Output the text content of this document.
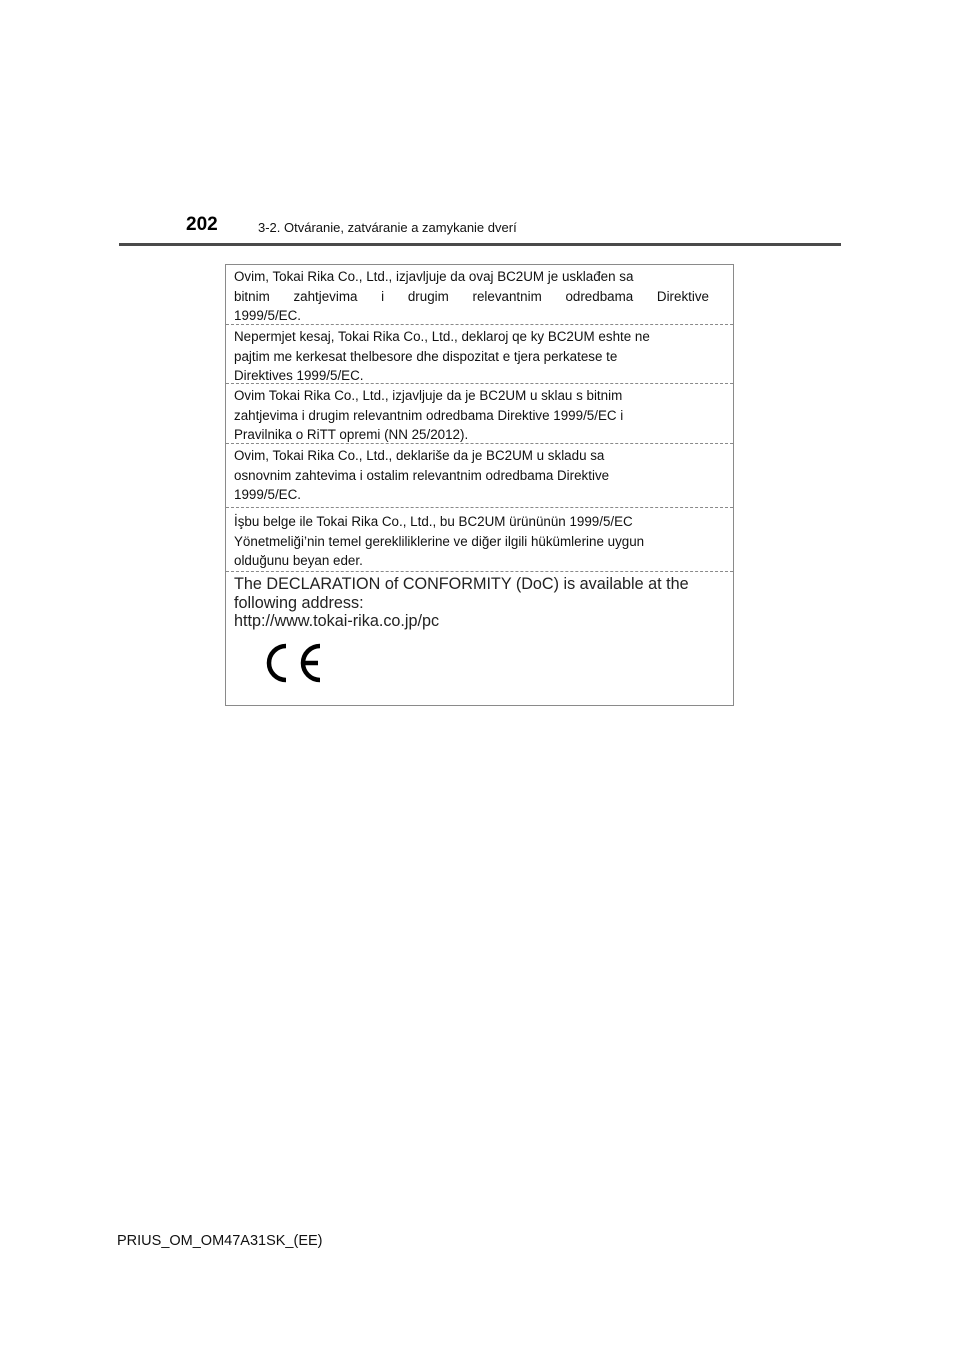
202	3-2. Otváranie, zatváranie a zamykanie dverí

Ovim, Tokai Rika Co., Ltd., izjavljuje da ovaj BC2UM je usklađen sa

bitnim zahtjevima i drugim relevantnim odredbama Direktive

1999/5/EC.

Nepermjet kesaj, Tokai Rika Co., Ltd., deklaroj qe ky BC2UM eshte ne

pajtim me kerkesat thelbesore dhe dispozitat e tjera perkatese te

Direktives 1999/5/EC.

Ovim Tokai Rika Co., Ltd., izjavljuje da je BC2UM u sklau s bitnim

zahtjevima i drugim relevantnim odredbama Direktive 1999/5/EC i

Pravilnika o RiTT opremi (NN 25/2012).

Ovim, Tokai Rika Co., Ltd., deklariše da je BC2UM u skladu sa

osnovnim zahtevima i ostalim relevantnim odredbama Direktive

1999/5/EC.

İşbu belge ile Tokai Rika Co., Ltd., bu BC2UM ürününün 1999/5/EC

Yönetmeliği’nin temel gerekliliklerine ve diğer ilgili hükümlerine uygun

olduğunu beyan eder.

The DECLARATION of CONFORMITY (DoC) is available at the

following address:

http://www.tokai-rika.co.jp/pc

PRIUS_OM_OM47A31SK_(EE)
